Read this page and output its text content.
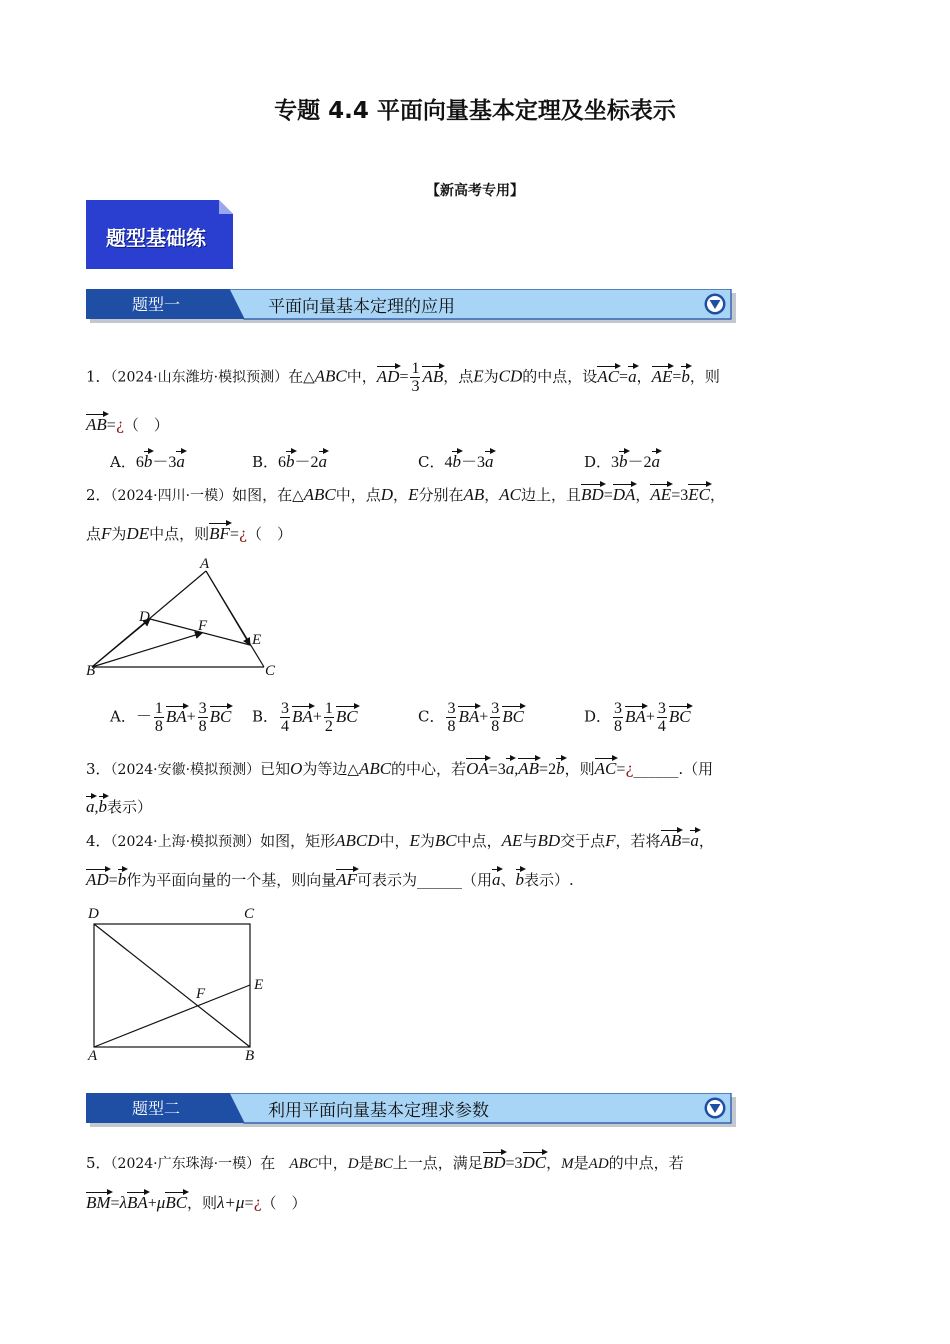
专题 4.4 平面向量基本定理及坐标表示
【新高考专用】
题型基础练
题型一	平面向量基本定理的应用
1．（2024·山东潍坊·模拟预测）在△ABC中，$AD= \frac{1}{3}$ AB，点E为CD的中点，设AC=a，AE=b，则
AB=¿（　）
A．6b－3a	B．6b－2a	C．4b－3a	D．3b－2a
2．（2024·四川·一模）如图，在△ABC中，点D，E分别在AB，AC边上，且BD=DA，AE=3EC，
点F为DE中点，则BF=¿（　）
A
B	C
D
E
F
A．－ $\frac{1}{8} BA+ \frac{3}{8}$ BC B． $\frac{3}{4} BA+ \frac{1}{2}$ BC	C． $\frac{3}{8} BA+ \frac{3}{8}$ BC	D． $\frac{3}{8} BA+ \frac{3}{4}$ BC
3．（2024·安徽·模拟预测）已知O为等边△ABC的中心，若OA=3a,AB=2b，则AC=¿______.（用
a,b表示）
4．（2024·上海·模拟预测）如图，矩形ABCD中，E为BC中点，AE与BD交于点F，若将AB=a，
AD=b作为平面向量的一个基，则向量AF可表示为______（用a、b表示）.
D	C
A	B
E
F
题型二	利用平面向量基本定理求参数
5．（2024·广东珠海·一模）在 ABC中，D是BC上一点，满足BD=3DC，M是AD的中点，若
BM=λBA+μBC，则λ+μ=¿（　）
